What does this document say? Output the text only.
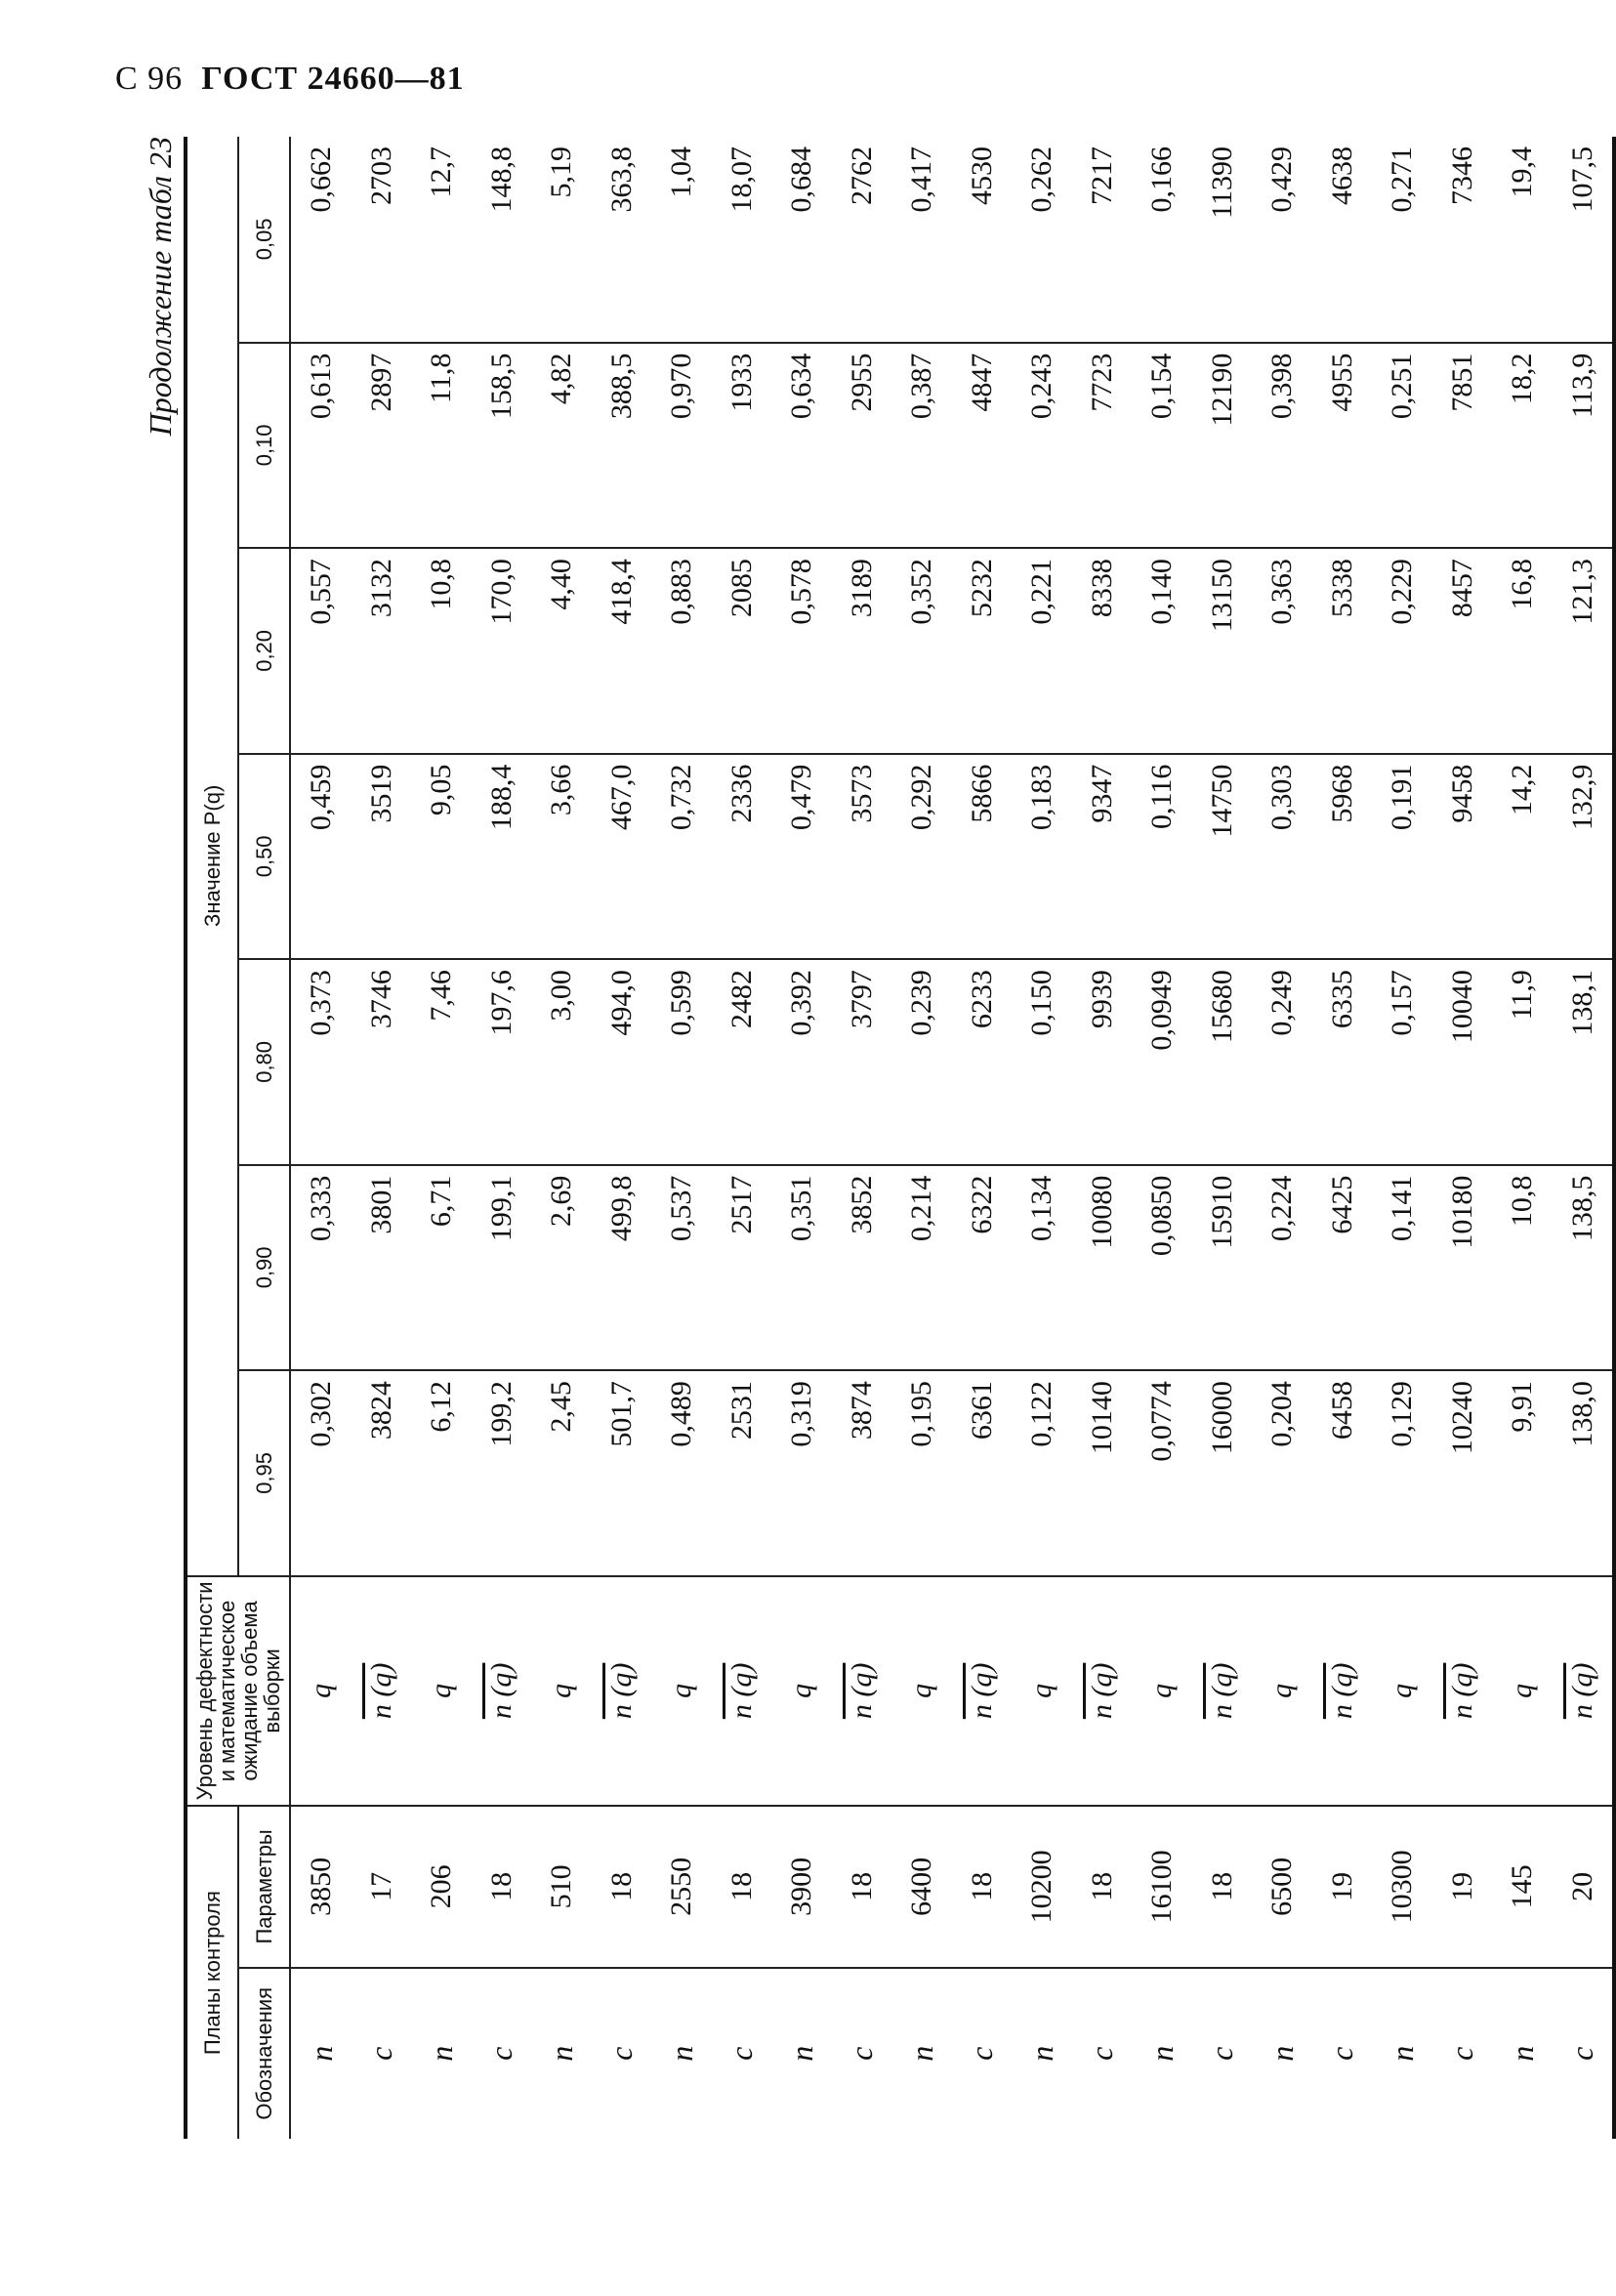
С 96 ГОСТ 24660—81
Продолжение табл 23
Планы контроля		Уровень дефектности и математическое ожидание объема выборки	Значение P(q)						
Обозначения	Параметры		0,95	0,90	0,80	0,50	0,20	0,10	0,05
n	3850	q	0,302	0,333	0,373	0,459	0,557	0,613	0,662
c	17	n (q)	3824	3801	3746	3519	3132	2897	2703
n	206	q	6,12	6,71	7,46	9,05	10,8	11,8	12,7
c	18	n (q)	199,2	199,1	197,6	188,4	170,0	158,5	148,8
n	510	q	2,45	2,69	3,00	3,66	4,40	4,82	5,19
c	18	n (q)	501,7	499,8	494,0	467,0	418,4	388,5	363,8
n	2550	q	0,489	0,537	0,599	0,732	0,883	0,970	1,04
c	18	n (q)	2531	2517	2482	2336	2085	1933	18,07
n	3900	q	0,319	0,351	0,392	0,479	0,578	0,634	0,684
c	18	n (q)	3874	3852	3797	3573	3189	2955	2762
n	6400	q	0,195	0,214	0,239	0,292	0,352	0,387	0,417
c	18	n (q)	6361	6322	6233	5866	5232	4847	4530
n	10200	q	0,122	0,134	0,150	0,183	0,221	0,243	0,262
c	18	n (q)	10140	10080	9939	9347	8338	7723	7217
n	16100	q	0,0774	0,0850	0,0949	0,116	0,140	0,154	0,166
c	18	n (q)	16000	15910	15680	14750	13150	12190	11390
n	6500	q	0,204	0,224	0,249	0,303	0,363	0,398	0,429
c	19	n (q)	6458	6425	6335	5968	5338	4955	4638
n	10300	q	0,129	0,141	0,157	0,191	0,229	0,251	0,271
c	19	n (q)	10240	10180	10040	9458	8457	7851	7346
n	145	q	9,91	10,8	11,9	14,2	16,8	18,2	19,4
c	20	n (q)	138,0	138,5	138,1	132,9	121,3	113,9	107,5
